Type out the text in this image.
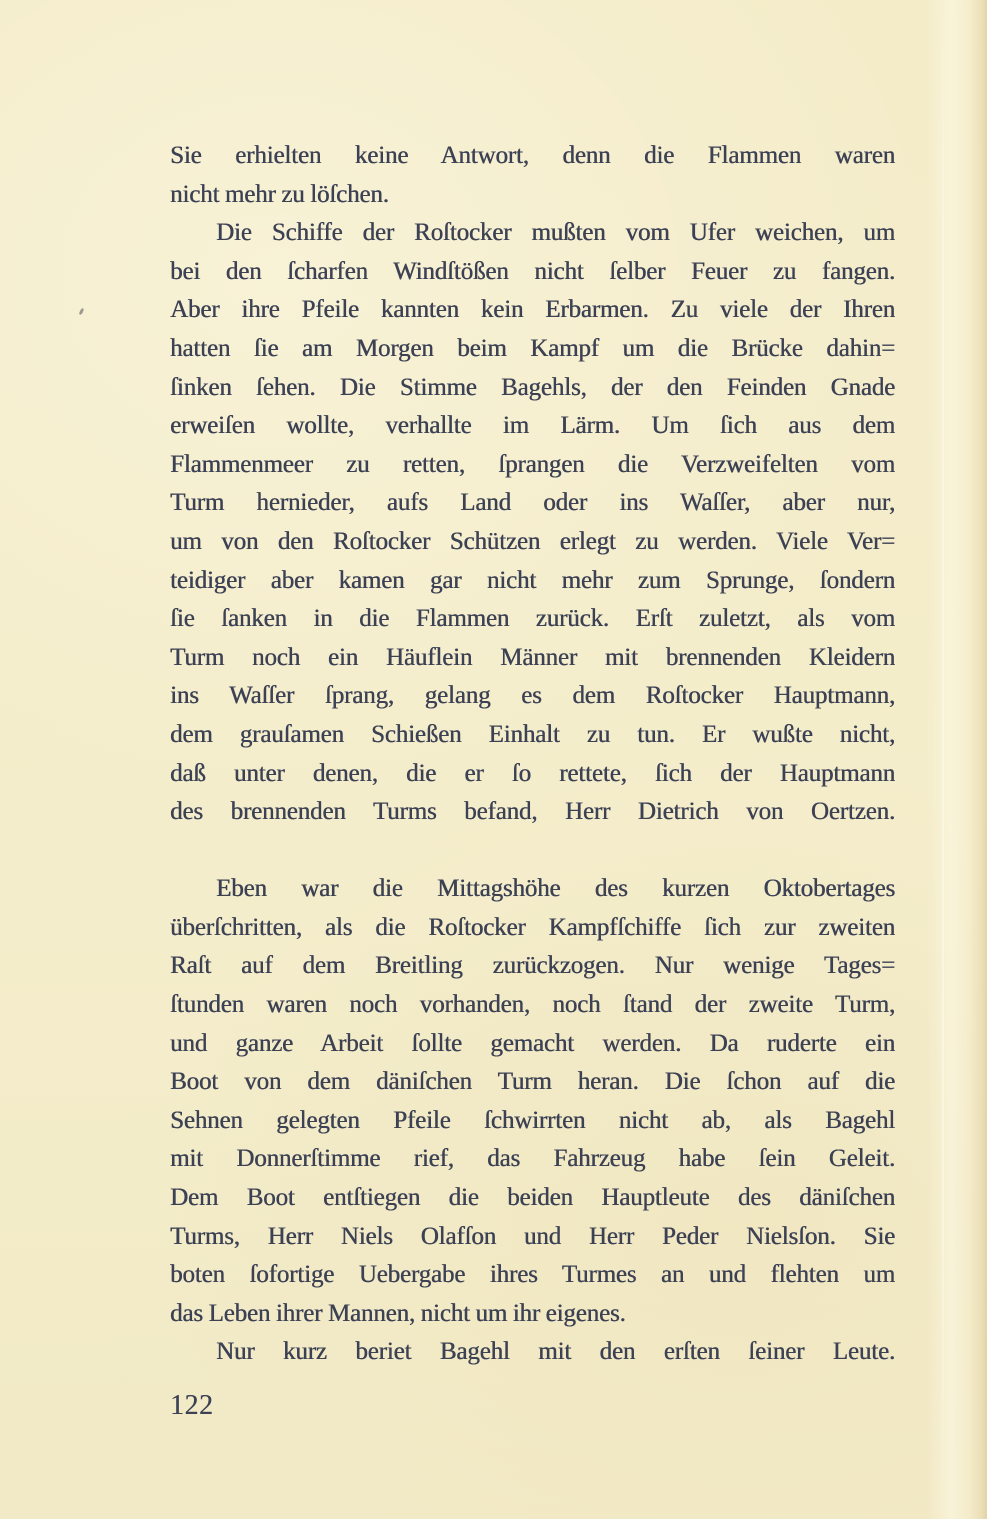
Sie erhielten keine Antwort, denn die Flammen waren
nicht mehr zu löſchen.
Die Schiffe der Roſtocker mußten vom Ufer weichen, um
bei den ſcharfen Windſtößen nicht ſelber Feuer zu fangen.
Aber ihre Pfeile kannten kein Erbarmen. Zu viele der Ihren
hatten ſie am Morgen beim Kampf um die Brücke dahin=
ſinken ſehen. Die Stimme Bagehls, der den Feinden Gnade
erweiſen wollte, verhallte im Lärm. Um ſich aus dem
Flammenmeer zu retten, ſprangen die Verzweifelten vom
Turm hernieder, aufs Land oder ins Waſſer, aber nur,
um von den Roſtocker Schützen erlegt zu werden. Viele Ver=
teidiger aber kamen gar nicht mehr zum Sprunge, ſondern
ſie ſanken in die Flammen zurück. Erſt zuletzt, als vom
Turm noch ein Häuflein Männer mit brennenden Kleidern
ins Waſſer ſprang, gelang es dem Roſtocker Hauptmann,
dem grauſamen Schießen Einhalt zu tun. Er wußte nicht,
daß unter denen, die er ſo rettete, ſich der Hauptmann
des brennenden Turms befand, Herr Dietrich von Oertzen.
Eben war die Mittagshöhe des kurzen Oktobertages
überſchritten, als die Roſtocker Kampfſchiffe ſich zur zweiten
Raſt auf dem Breitling zurückzogen. Nur wenige Tages=
ſtunden waren noch vorhanden, noch ſtand der zweite Turm,
und ganze Arbeit ſollte gemacht werden. Da ruderte ein
Boot von dem däniſchen Turm heran. Die ſchon auf die
Sehnen gelegten Pfeile ſchwirrten nicht ab, als Bagehl
mit Donnerſtimme rief, das Fahrzeug habe ſein Geleit.
Dem Boot entſtiegen die beiden Hauptleute des däniſchen
Turms, Herr Niels Olafſon und Herr Peder Nielsſon. Sie
boten ſofortige Uebergabe ihres Turmes an und flehten um
das Leben ihrer Mannen, nicht um ihr eigenes.
Nur kurz beriet Bagehl mit den erſten ſeiner Leute.
122
